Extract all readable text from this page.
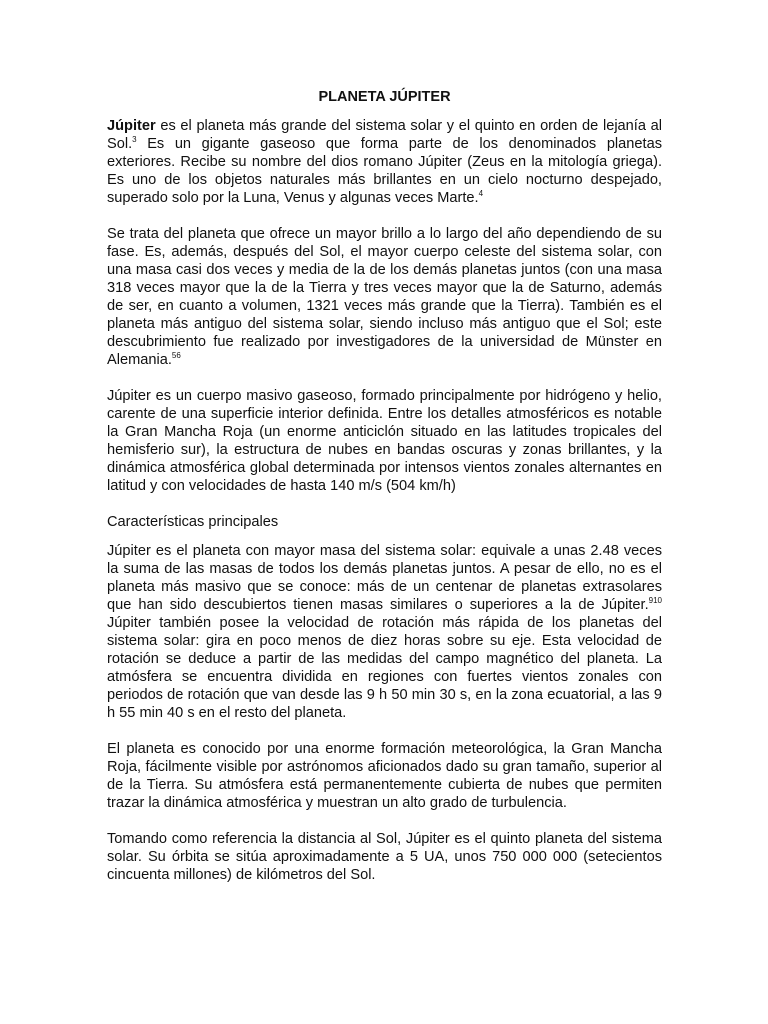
PLANETA JÚPITER

Júpiter es el planeta más grande del sistema solar y el quinto en orden de lejanía al Sol.$^3$ Es un gigante gaseoso que forma parte de los denominados planetas exteriores. Recibe su nombre del dios romano Júpiter (Zeus en la mitología griega). Es uno de los objetos naturales más brillantes en un cielo nocturno despejado, superado solo por la Luna, Venus y algunas veces Marte.$^4$

Se trata del planeta que ofrece un mayor brillo a lo largo del año dependiendo de su fase. Es, además, después del Sol, el mayor cuerpo celeste del sistema solar, con una masa casi dos veces y media de la de los demás planetas juntos (con una masa 318 veces mayor que la de la Tierra y tres veces mayor que la de Saturno, además de ser, en cuanto a volumen, 1321 veces más grande que la Tierra). También es el planeta más antiguo del sistema solar, siendo incluso más antiguo que el Sol; este descubrimiento fue realizado por investigadores de la universidad de Münster en Alemania.$^{56}$

Júpiter es un cuerpo masivo gaseoso, formado principalmente por hidrógeno y helio, carente de una superficie interior definida. Entre los detalles atmosféricos es notable la Gran Mancha Roja (un enorme anticiclón situado en las latitudes tropicales del hemisferio sur), la estructura de nubes en bandas oscuras y zonas brillantes, y la dinámica atmosférica global determinada por intensos vientos zonales alternantes en latitud y con velocidades de hasta 140 m/s (504 km/h)

Características principales

Júpiter es el planeta con mayor masa del sistema solar: equivale a unas 2.48 veces la suma de las masas de todos los demás planetas juntos. A pesar de ello, no es el planeta más masivo que se conoce: más de un centenar de planetas extrasolares que han sido descubiertos tienen masas similares o superiores a la de Júpiter.$^{910}$ Júpiter también posee la velocidad de rotación más rápida de los planetas del sistema solar: gira en poco menos de diez horas sobre su eje. Esta velocidad de rotación se deduce a partir de las medidas del campo magnético del planeta. La atmósfera se encuentra dividida en regiones con fuertes vientos zonales con periodos de rotación que van desde las 9 h 50 min 30 s, en la zona ecuatorial, a las 9 h 55 min 40 s en el resto del planeta.

El planeta es conocido por una enorme formación meteorológica, la Gran Mancha Roja, fácilmente visible por astrónomos aficionados dado su gran tamaño, superior al de la Tierra. Su atmósfera está permanentemente cubierta de nubes que permiten trazar la dinámica atmosférica y muestran un alto grado de turbulencia.

Tomando como referencia la distancia al Sol, Júpiter es el quinto planeta del sistema solar. Su órbita se sitúa aproximadamente a 5 UA, unos 750 000 000 (setecientos cincuenta millones) de kilómetros del Sol.
